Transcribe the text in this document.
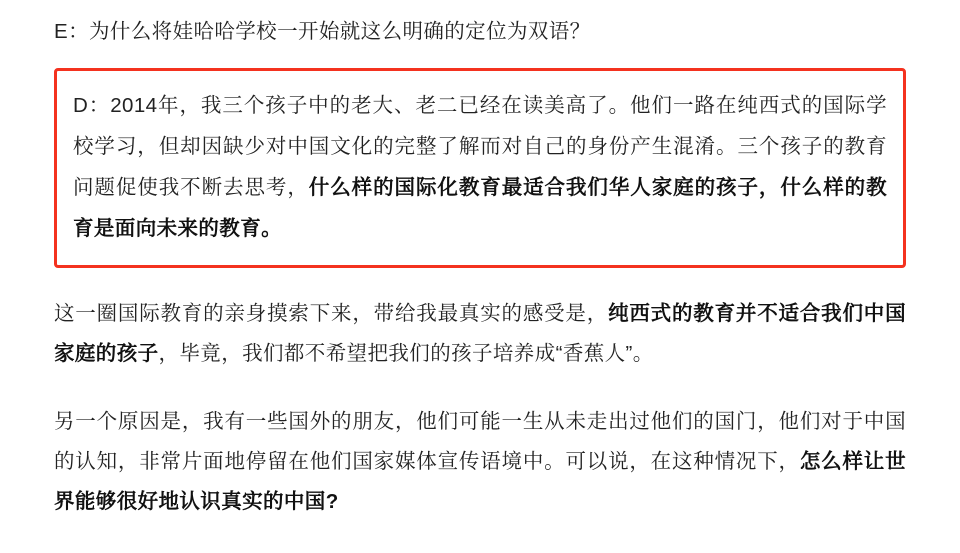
E：为什么将娃哈哈学校一开始就这么明确的定位为双语？

D：2014年，我三个孩子中的老大、老二已经在读美高了。他们一路在纯西式的国际学校学习，但却因缺少对中国文化的完整了解而对自己的身份产生混淆。三个孩子的教育问题促使我不断去思考，什么样的国际化教育最适合我们华人家庭的孩子，什么样的教育是面向未来的教育。

这一圈国际教育的亲身摸索下来，带给我最真实的感受是，纯西式的教育并不适合我们中国家庭的孩子，毕竟，我们都不希望把我们的孩子培养成“香蕉人”。

另一个原因是，我有一些国外的朋友，他们可能一生从未走出过他们的国门，他们对于中国的认知，非常片面地停留在他们国家媒体宣传语境中。可以说，在这种情况下，怎么样让世界能够很好地认识真实的中国?
